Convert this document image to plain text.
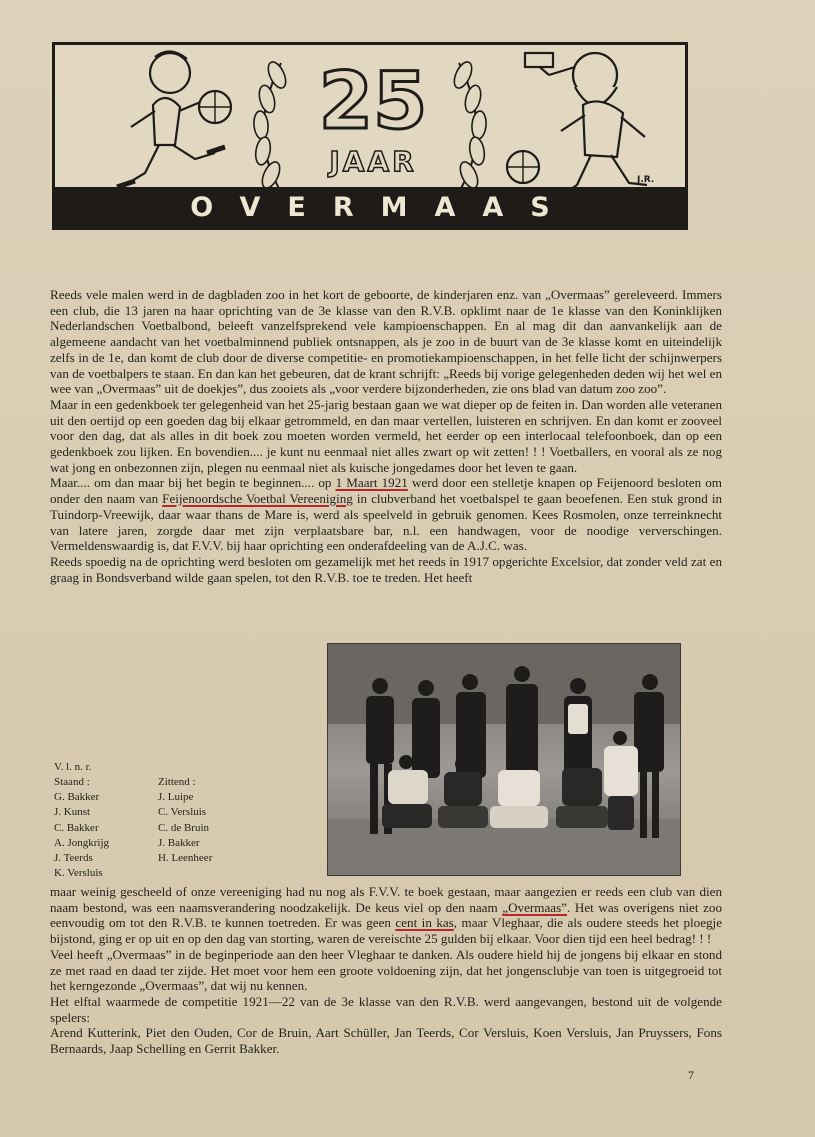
25
JAAR
J.R.
OVERMAAS

Reeds vele malen werd in de dagbladen zoo in het kort de geboorte, de kinderjaren enz. van „Overmaas” gereleveerd. Immers een club, die 13 jaren na haar oprichting van de 3e klasse van den R.V.B. opklimt naar de 1e klasse van den Koninklijken Nederlandschen Voetbalbond, beleeft vanzelfsprekend vele kampioenschappen. En al mag dit dan aanvankelijk aan de algemeene aandacht van het voetbalminnend publiek ontsnappen, als je zoo in de buurt van de 3e klasse komt en uiteindelijk zelfs in de 1e, dan komt de club door de diverse competitie- en promotiekampioenschappen, in het felle licht der schijnwerpers van de voetbalpers te staan. En dan kan het gebeuren, dat de krant schrijft: „Reeds bij vorige gelegenheden deden wij het wel en wee van „Overmaas” uit de doekjes”, dus zooiets als „voor verdere bijzonderheden, zie ons blad van datum zoo zoo”.

Maar in een gedenkboek ter gelegenheid van het 25-jarig bestaan gaan we wat dieper op de feiten in. Dan worden alle veteranen uit den oertijd op een goeden dag bij elkaar getrommeld, en dan maar vertellen, luisteren en schrijven. En dan komt er zooveel voor den dag, dat als alles in dit boek zou moeten worden vermeld, het eerder op een interlocaal telefoonboek, dan op een gedenkboek zou lijken. En bovendien.... je kunt nu eenmaal niet alles zwart op wit zetten! ! ! Voetballers, en vooral als ze nog wat jong en onbezonnen zijn, plegen nu eenmaal niet als kuische jongedames door het leven te gaan.

Maar.... om dan maar bij het begin te beginnen.... op 1 Maart 1921 werd door een stelletje knapen op Feijenoord besloten om onder den naam van Feijenoordsche Voetbal Vereeniging in clubverband het voetbalspel te gaan beoefenen. Een stuk grond in Tuindorp-Vreewijk, daar waar thans de Mare is, werd als speelveld in gebruik genomen. Kees Rosmolen, onze terreinknecht van latere jaren, zorgde daar met zijn verplaatsbare bar, n.l. een handwagen, voor de noodige ververschingen. Vermeldenswaardig is, dat F.V.V. bij haar oprichting een onderafdeeling van de A.J.C. was.

Reeds spoedig na de oprichting werd besloten om gezamelijk met het reeds in 1917 opgerichte Excelsior, dat zonder veld zat en graag in Bondsverband wilde gaan spelen, tot den R.V.B. toe te treden. Het heeft

V. l. n. r.
Staand :
G. Bakker
J. Kunst
C. Bakker
A. Jongkrijg
J. Teerds
K. Versluis
Zittend :
J. Luipe
C. Versluis
C. de Bruin
J. Bakker
H. Leenheer

maar weinig gescheeld of onze vereeniging had nu nog als F.V.V. te boek gestaan, maar aangezien er reeds een club van dien naam bestond, was een naamsverandering noodzakelijk. De keus viel op den naam „Overmaas”. Het was overigens niet zoo eenvoudig om tot den R.V.B. te kunnen toetreden. Er was geen cent in kas, maar Vleghaar, die als oudere steeds het ploegje bijstond, ging er op uit en op den dag van storting, waren de vereischte 25 gulden bij elkaar. Voor dien tijd een heel bedrag! ! !

Veel heeft „Overmaas” in de beginperiode aan den heer Vleghaar te danken. Als oudere hield hij de jongens bij elkaar en stond ze met raad en daad ter zijde. Het moet voor hem een groote voldoening zijn, dat het jongensclubje van toen is uitgegroeid tot het kerngezonde „Overmaas”, dat wij nu kennen.

Het elftal waarmede de competitie 1921—22 van de 3e klasse van den R.V.B. werd aangevangen, bestond uit de volgende spelers:

Arend Kutterink, Piet den Ouden, Cor de Bruin, Aart Schüller, Jan Teerds, Cor Versluis, Koen Versluis, Jan Pruyssers, Fons Bernaards, Jaap Schelling en Gerrit Bakker.

7
